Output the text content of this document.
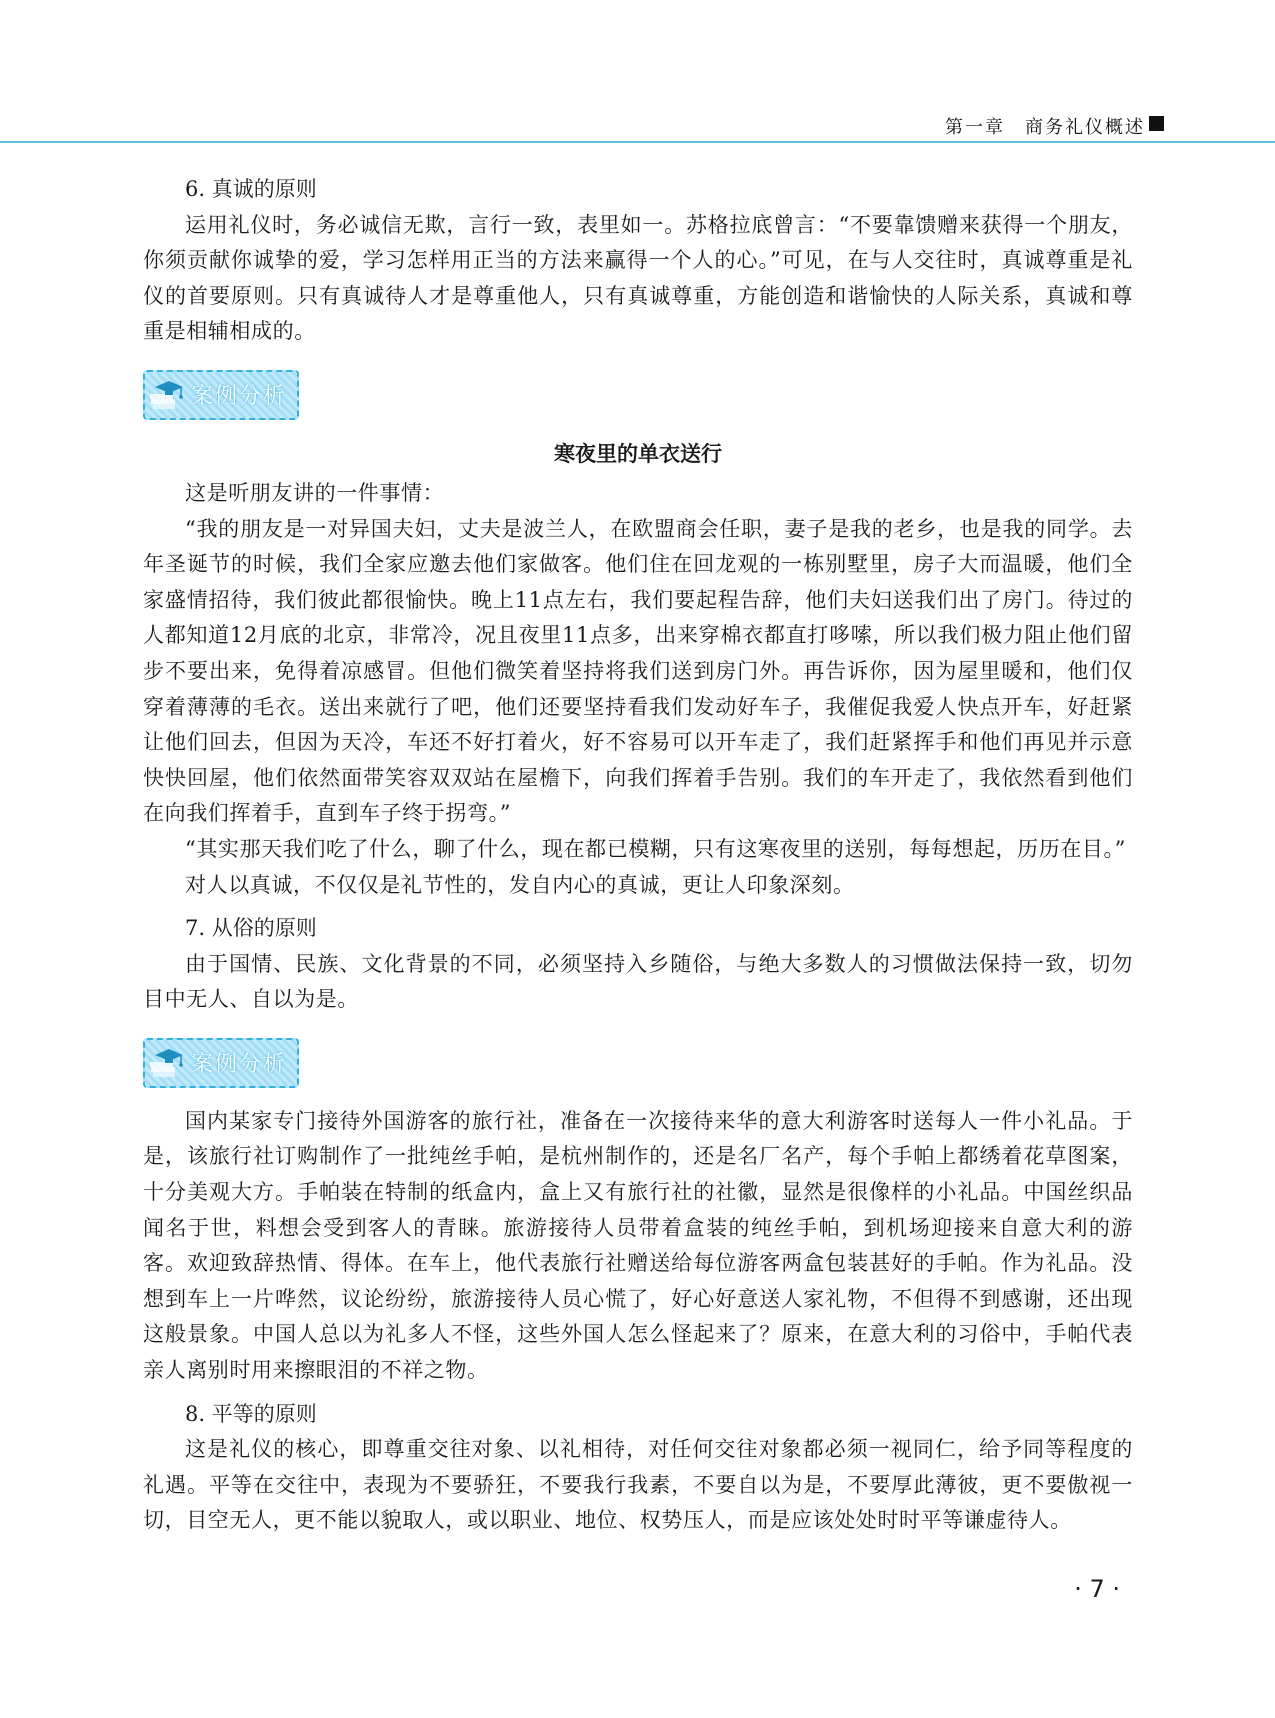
第一章　商务礼仪概述

6. 真诚的原则

运用礼仪时，务必诚信无欺，言行一致，表里如一。苏格拉底曾言：“不要靠馈赠来获得一个朋友，你须贡献你诚挚的爱，学习怎样用正当的方法来赢得一个人的心。”可见，在与人交往时，真诚尊重是礼仪的首要原则。只有真诚待人才是尊重他人，只有真诚尊重，方能创造和谐愉快的人际关系，真诚和尊重是相辅相成的。

案例分析
寒夜里的单衣送行

这是听朋友讲的一件事情：

“我的朋友是一对异国夫妇，丈夫是波兰人，在欧盟商会任职，妻子是我的老乡，也是我的同学。去年圣诞节的时候，我们全家应邀去他们家做客。他们住在回龙观的一栋别墅里，房子大而温暖，他们全家盛情招待，我们彼此都很愉快。晚上11点左右，我们要起程告辞，他们夫妇送我们出了房门。待过的人都知道12月底的北京，非常冷，况且夜里11点多，出来穿棉衣都直打哆嗦，所以我们极力阻止他们留步不要出来，免得着凉感冒。但他们微笑着坚持将我们送到房门外。再告诉你，因为屋里暖和，他们仅穿着薄薄的毛衣。送出来就行了吧，他们还要坚持看我们发动好车子，我催促我爱人快点开车，好赶紧让他们回去，但因为天冷，车还不好打着火，好不容易可以开车走了，我们赶紧挥手和他们再见并示意快快回屋，他们依然面带笑容双双站在屋檐下，向我们挥着手告别。我们的车开走了，我依然看到他们在向我们挥着手，直到车子终于拐弯。”

“其实那天我们吃了什么，聊了什么，现在都已模糊，只有这寒夜里的送别，每每想起，历历在目。”

对人以真诚，不仅仅是礼节性的，发自内心的真诚，更让人印象深刻。

7. 从俗的原则

由于国情、民族、文化背景的不同，必须坚持入乡随俗，与绝大多数人的习惯做法保持一致，切勿目中无人、自以为是。

案例分析

国内某家专门接待外国游客的旅行社，准备在一次接待来华的意大利游客时送每人一件小礼品。于是，该旅行社订购制作了一批纯丝手帕，是杭州制作的，还是名厂名产，每个手帕上都绣着花草图案，十分美观大方。手帕装在特制的纸盒内，盒上又有旅行社的社徽，显然是很像样的小礼品。中国丝织品闻名于世，料想会受到客人的青睐。旅游接待人员带着盒装的纯丝手帕，到机场迎接来自意大利的游客。欢迎致辞热情、得体。在车上，他代表旅行社赠送给每位游客两盒包装甚好的手帕。作为礼品。没想到车上一片哗然，议论纷纷，旅游接待人员心慌了，好心好意送人家礼物，不但得不到感谢，还出现这般景象。中国人总以为礼多人不怪，这些外国人怎么怪起来了？原来，在意大利的习俗中，手帕代表亲人离别时用来擦眼泪的不祥之物。

8. 平等的原则

这是礼仪的核心，即尊重交往对象、以礼相待，对任何交往对象都必须一视同仁，给予同等程度的礼遇。平等在交往中，表现为不要骄狂，不要我行我素，不要自以为是，不要厚此薄彼，更不要傲视一切，目空无人，更不能以貌取人，或以职业、地位、权势压人，而是应该处处时时平等谦虚待人。

· 7 ·
